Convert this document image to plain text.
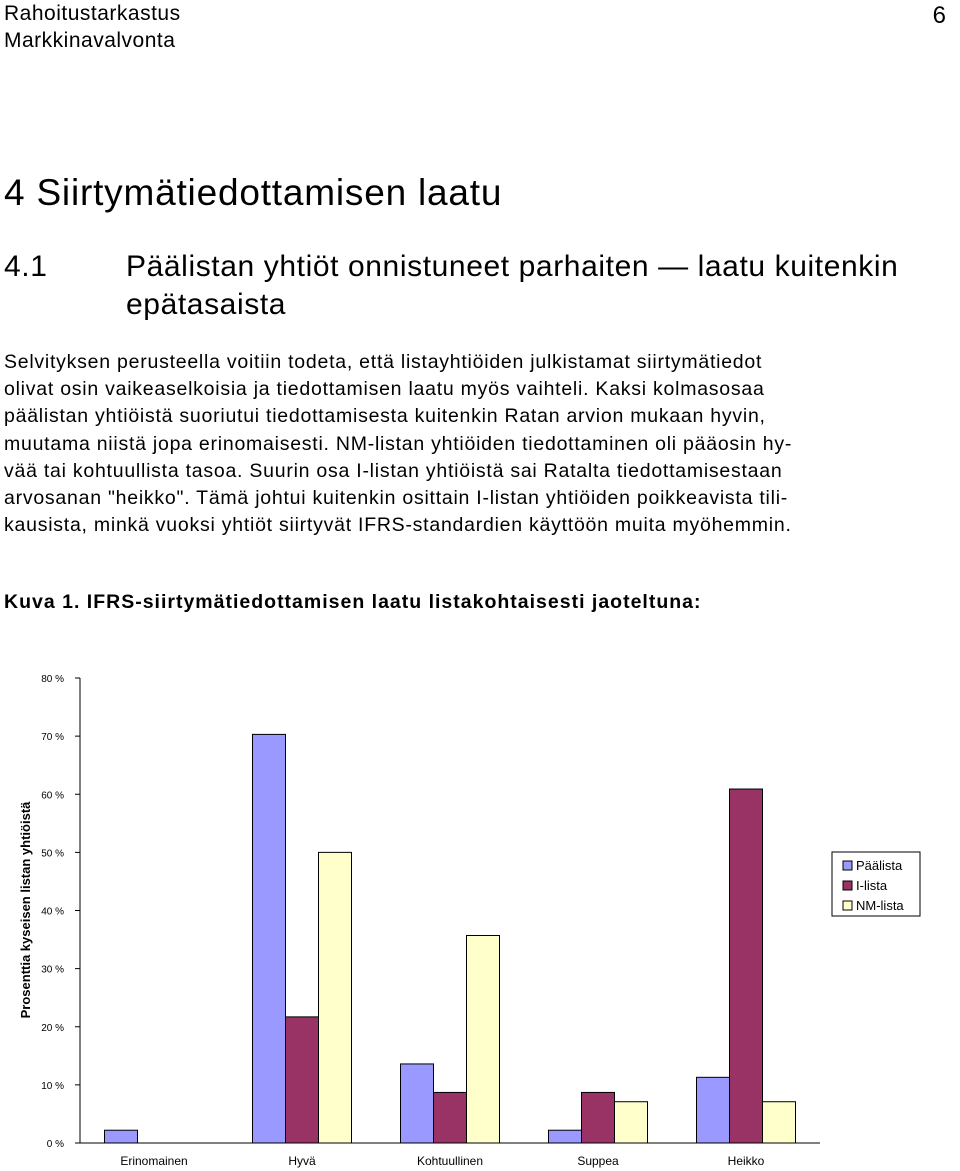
Rahoitustarkastus
Markkinavalvonta
6
4 Siirtymätiedottamisen laatu
4.1	Päälistan yhtiöt onnistuneet parhaiten — laatu kuitenkin
epätasaista
Selvityksen perusteella voitiin todeta, että listayhtiöiden julkistamat siirtymätiedot
olivat osin vaikeaselkoisia ja tiedottamisen laatu myös vaihteli. Kaksi kolmasosaa
päälistan yhtiöistä suoriutui tiedottamisesta kuitenkin Ratan arvion mukaan hyvin,
muutama niistä jopa erinomaisesti. NM-listan yhtiöiden tiedottaminen oli pääosin hy-
vää tai kohtuullista tasoa. Suurin osa I-listan yhtiöistä sai Ratalta tiedottamisestaan
arvosanan "heikko". Tämä johtui kuitenkin osittain I-listan yhtiöiden poikkeavista tili-
kausista, minkä vuoksi yhtiöt siirtyvät IFRS-standardien käyttöön muita myöhemmin.
Kuva 1. IFRS-siirtymätiedottamisen laatu listakohtaisesti jaoteltuna:
0 %
10 %
20 %
30 %
40 %
50 %
60 %
70 %
80 %
Erinomainen	Hyvä	Kohtuullinen	Suppea	Heikko
Prosenttia kyseisen listan yhtiöistä	Päälista
I-lista
NM-lista
